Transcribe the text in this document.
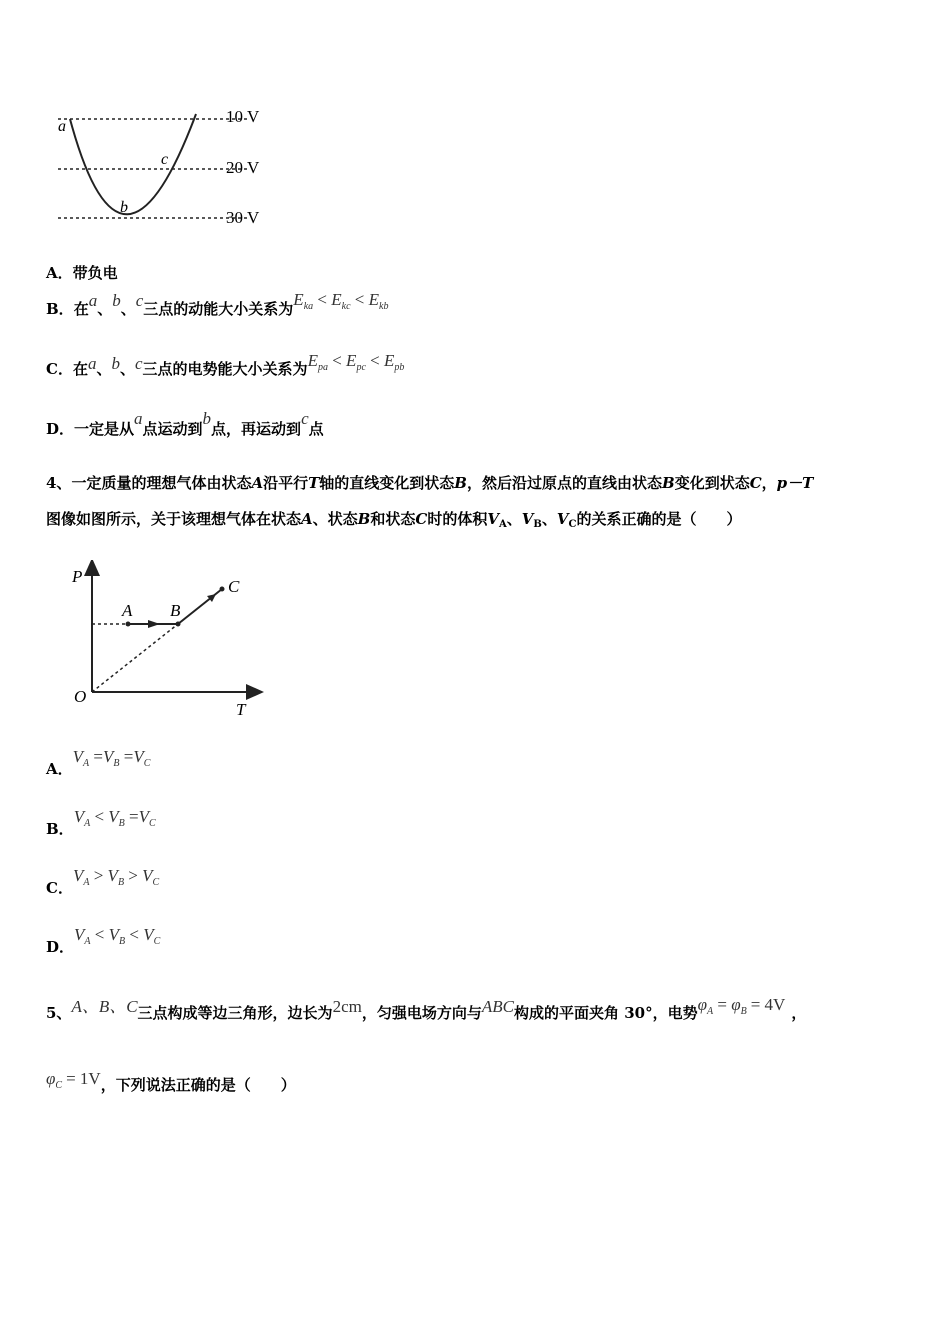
a
b
c
10 V
20 V
30 V
A．带负电
B．在a、b、c三点的动能大小关系为$E_{ka} < E_{kc} < E_{kb}$
C．在a、b、c三点的电势能大小关系为$E_{pa} < E_{pc} < E_{pb}$
D．一定是从a点运动到b点，再运动到c点
4、一定质量的理想气体由状态A沿平行T轴的直线变化到状态B，然后沿过原点的直线由状态B变化到状态C，p－T
图像如图所示，关于该理想气体在状态A、状态B和状态C时的体积$V_A$、$V_B$、$V_C$的关系正确的是（　　）
P
T
O
A B
C
A．$V_A =V_B =V_C$
B．$V_A < V_B =V_C$
C．$V_A > V_B > V_C$
D．$V_A < V_B < V_C$
5、A、B、C三点构成等边三角形，边长为2cm，匀强电场方向与ABC构成的平面夹角 30°，电势$\varphi_A = \varphi_B = 4V$ ，
$\varphi_C = 1V$，下列说法正确的是（　　）
